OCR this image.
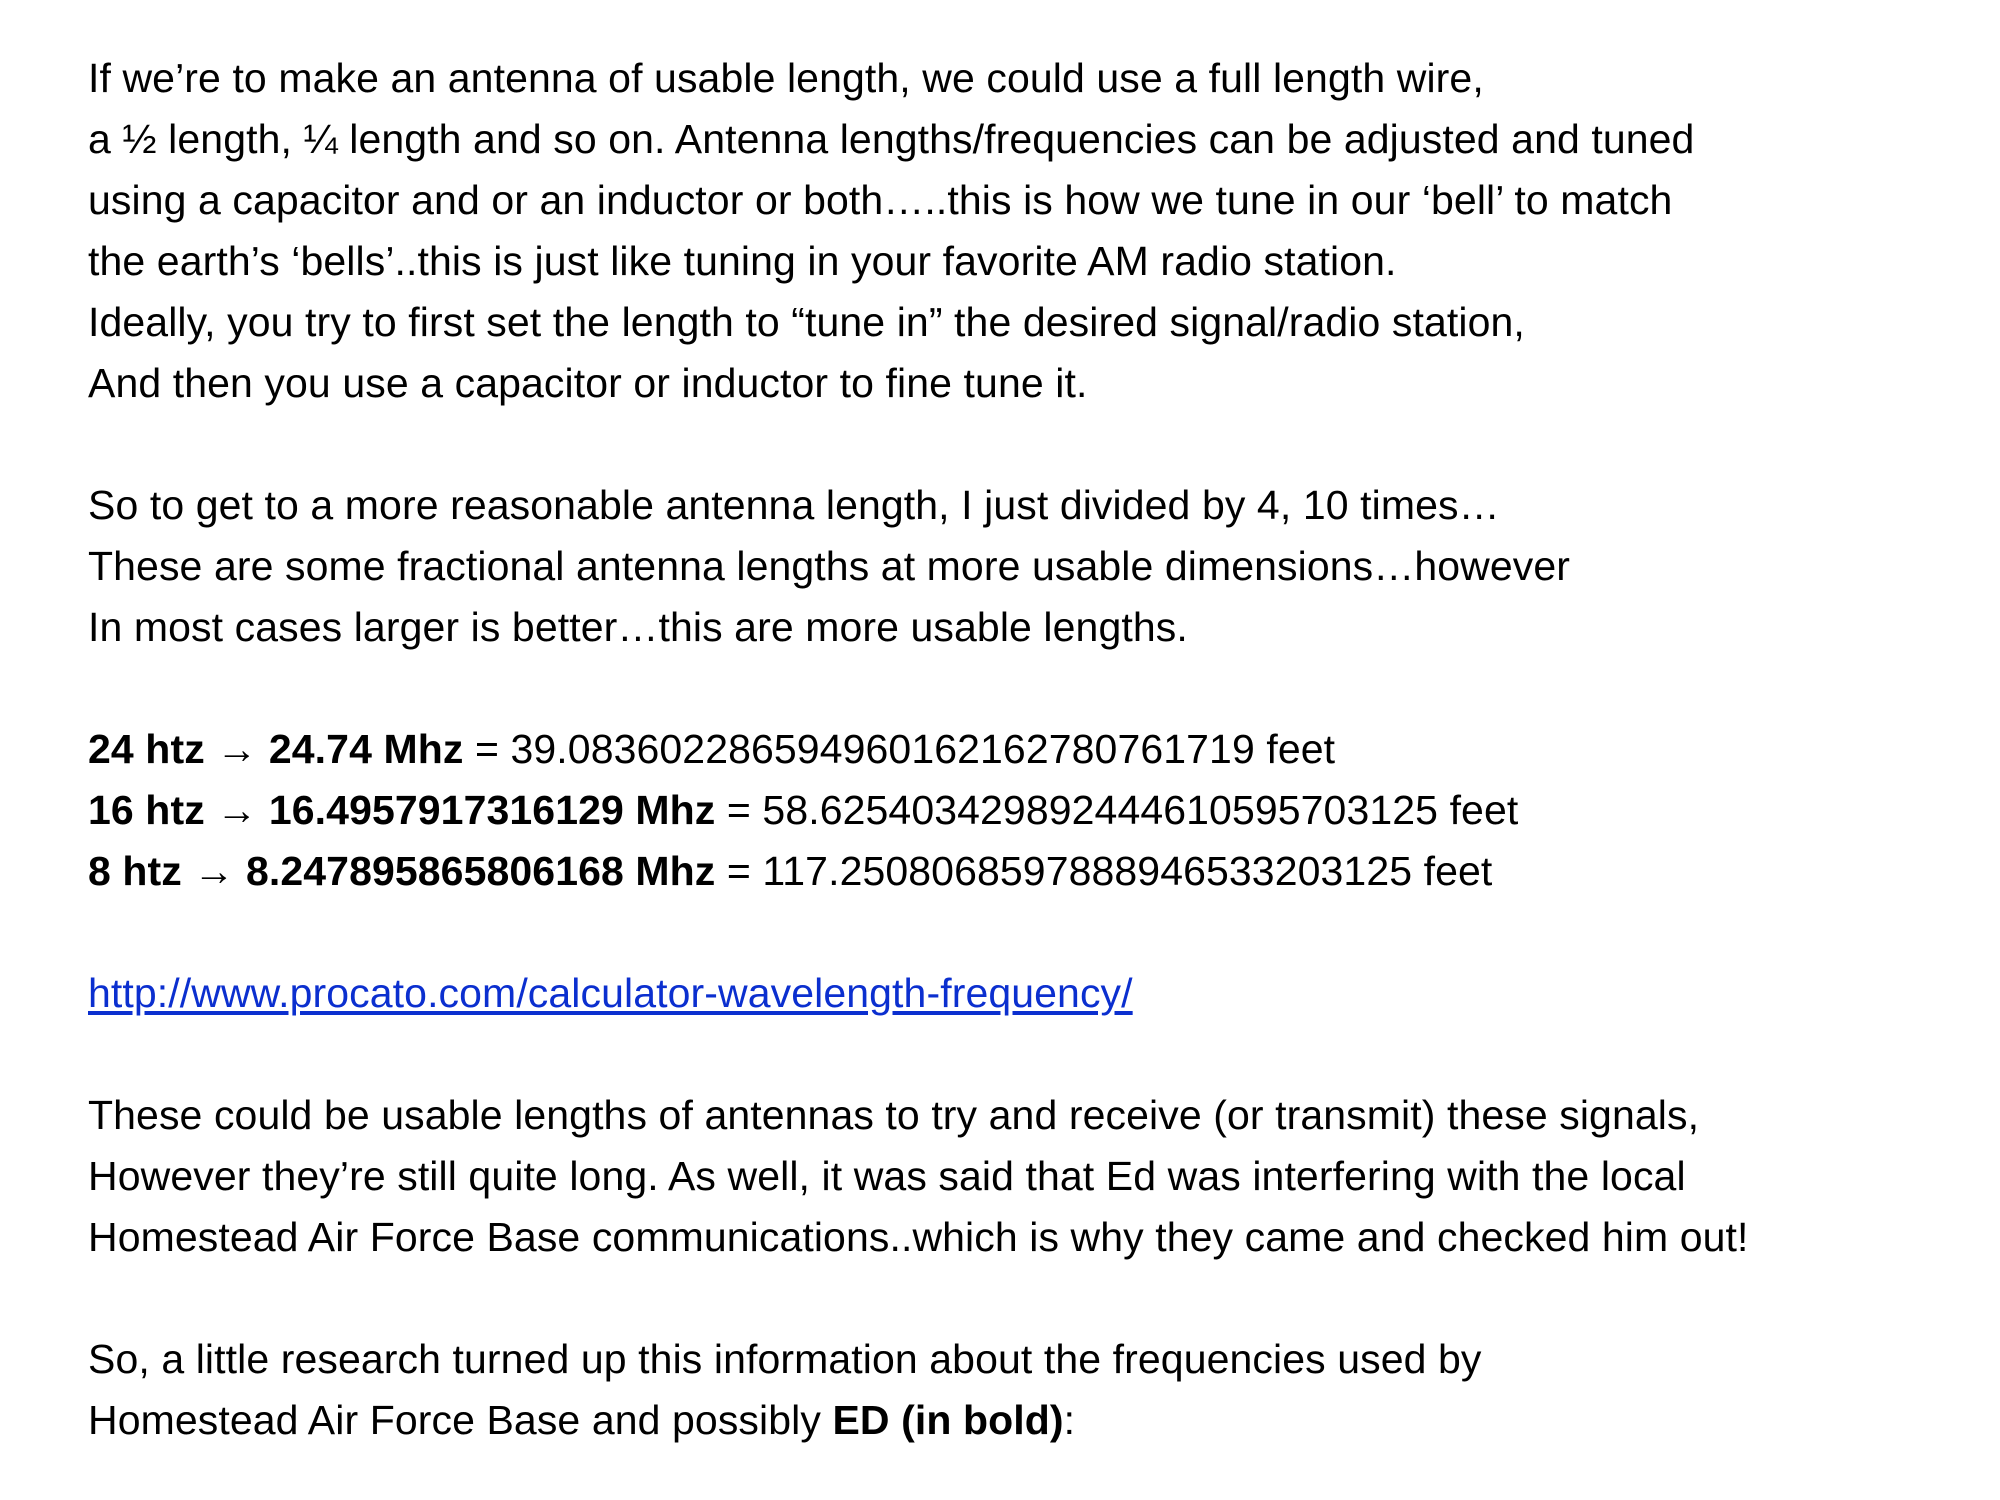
If we’re to make an antenna of usable length, we could use a full length wire,
a ½ length, ¼ length and so on. Antenna lengths/frequencies can be adjusted and tuned
using a capacitor and or an inductor or both…..this is how we tune in our ‘bell’ to match
the earth’s ‘bells’..this is just like tuning in your favorite AM radio station.
Ideally, you try to first set the length to “tune in” the desired signal/radio station,
And then you use a capacitor or inductor to fine tune it.
So to get to a more reasonable antenna length, I just divided by 4, 10 times…
These are some fractional antenna lengths at more usable dimensions…however
In most cases larger is better…this are more usable lengths.
24 htz → 24.74 Mhz = 39.083602286594960162162780761719 feet
16 htz → 16.4957917316129 Mhz = 58.625403429892444610595703125 feet
8 htz → 8.247895865806168 Mhz = 117.2508068597888946533203125 feet
http://www.procato.com/calculator-wavelength-frequency/
These could be usable lengths of antennas to try and receive (or transmit) these signals,
However they’re still quite long. As well, it was said that Ed was interfering with the local
Homestead Air Force Base communications..which is why they came and checked him out!
So, a little research turned up this information about the frequencies used by
Homestead Air Force Base and possibly ED (in bold):
